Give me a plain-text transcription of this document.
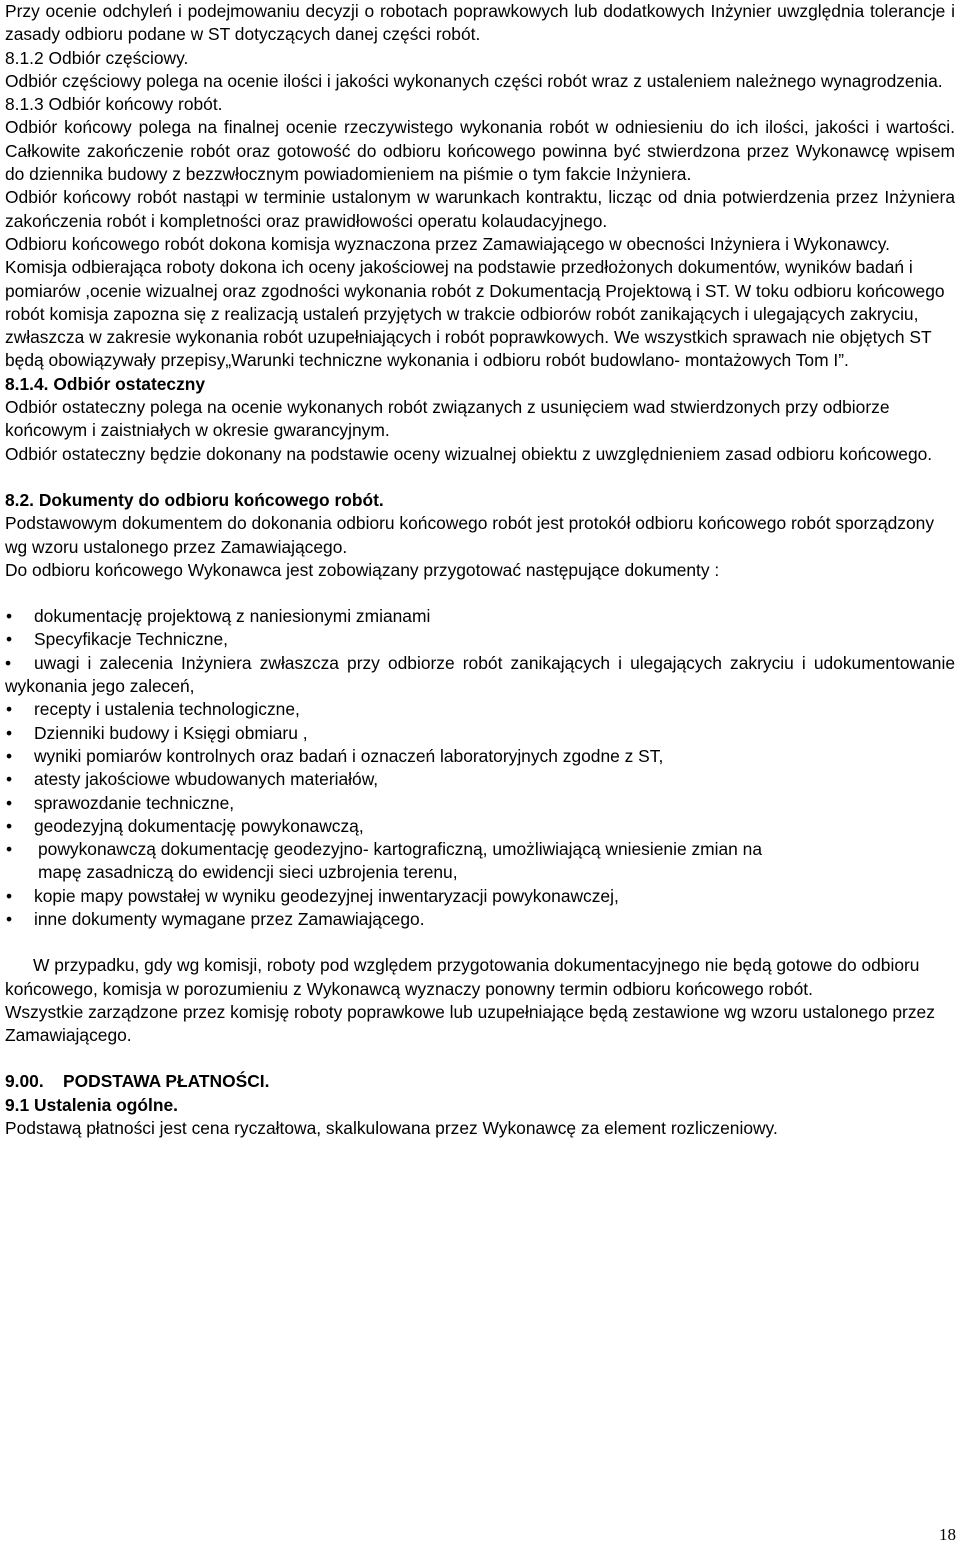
Przy ocenie odchyleń i podejmowaniu decyzji o robotach poprawkowych lub dodatkowych Inżynier uwzględnia tolerancje i zasady odbioru podane w ST dotyczących danej części robót.

8.1.2 Odbiór częściowy.

Odbiór częściowy polega na ocenie ilości i jakości wykonanych części robót wraz z ustaleniem należnego wynagrodzenia.

8.1.3 Odbiór końcowy robót.

Odbiór końcowy polega na finalnej ocenie rzeczywistego wykonania robót w odniesieniu do ich ilości, jakości i wartości. Całkowite zakończenie robót oraz gotowość do odbioru końcowego powinna być stwierdzona przez Wykonawcę wpisem do dziennika budowy z bezzwłocznym powiadomieniem na piśmie o tym fakcie Inżyniera.

Odbiór końcowy robót nastąpi w terminie ustalonym w warunkach kontraktu, licząc od dnia potwierdzenia przez Inżyniera zakończenia robót i kompletności oraz prawidłowości operatu kolaudacyjnego.

Odbioru końcowego robót dokona komisja wyznaczona przez Zamawiającego w obecności Inżyniera i Wykonawcy. Komisja odbierająca roboty dokona ich oceny jakościowej na podstawie przedłożonych dokumentów, wyników badań i pomiarów ,ocenie wizualnej oraz zgodności wykonania robót z Dokumentacją Projektową i ST. W toku odbioru końcowego robót komisja zapozna się z realizacją ustaleń przyjętych w trakcie odbiorów robót zanikających i ulegających zakryciu, zwłaszcza w zakresie wykonania robót uzupełniających i robót poprawkowych. We wszystkich sprawach nie objętych ST będą obowiązywały przepisy„Warunki techniczne wykonania i odbioru robót budowlano- montażowych Tom I”.

8.1.4. Odbiór ostateczny

Odbiór ostateczny polega na ocenie wykonanych robót związanych z usunięciem wad stwierdzonych przy odbiorze końcowym i zaistniałych w okresie gwarancyjnym.

Odbiór ostateczny będzie dokonany na podstawie oceny wizualnej obiektu z uwzględnieniem zasad odbioru końcowego.

8.2. Dokumenty do odbioru końcowego robót.

Podstawowym dokumentem do dokonania odbioru końcowego robót jest protokół odbioru końcowego robót sporządzony wg wzoru ustalonego przez Zamawiającego.

Do odbioru końcowego Wykonawca jest zobowiązany przygotować następujące dokumenty :

• dokumentację projektową z naniesionymi zmianami
• Specyfikacje Techniczne,
• uwagi i zalecenia Inżyniera zwłaszcza przy odbiorze robót zanikających i ulegających zakryciu i udokumentowanie wykonania jego zaleceń,
• recepty i ustalenia technologiczne,
• Dzienniki budowy i Księgi obmiaru ,
• wyniki pomiarów kontrolnych oraz badań i oznaczeń laboratoryjnych zgodne z ST,
• atesty jakościowe wbudowanych materiałów,
• sprawozdanie techniczne,
• geodezyjną dokumentację powykonawczą,
• powykonawczą dokumentację geodezyjno- kartograficzną, umożliwiającą wniesienie zmian na mapę zasadniczą do ewidencji sieci uzbrojenia terenu,
• kopie mapy powstałej w wyniku geodezyjnej inwentaryzacji powykonawczej,
• inne dokumenty wymagane przez Zamawiającego.

W przypadku, gdy wg komisji, roboty pod względem przygotowania dokumentacyjnego nie będą gotowe do odbioru końcowego, komisja w porozumieniu z Wykonawcą wyznaczy ponowny termin odbioru końcowego robót.

Wszystkie zarządzone przez komisję roboty poprawkowe lub uzupełniające będą zestawione wg wzoru ustalonego przez Zamawiającego.

9.00. PODSTAWA PŁATNOŚCI.

9.1 Ustalenia ogólne.

Podstawą płatności jest cena ryczałtowa, skalkulowana przez Wykonawcę za element rozliczeniowy.

18
